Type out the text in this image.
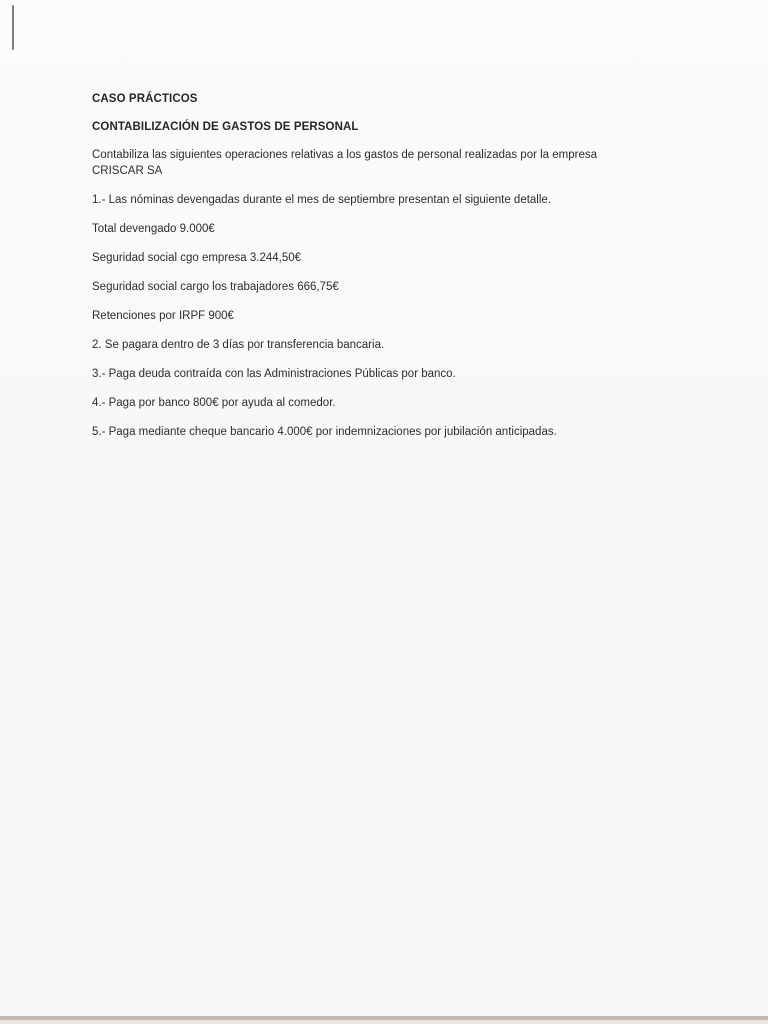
CASO PRÁCTICOS
CONTABILIZACIÓN DE GASTOS DE PERSONAL
Contabiliza las siguientes operaciones relativas a los gastos de personal realizadas por la empresa CRISCAR SA
1.- Las nóminas devengadas durante el mes de septiembre presentan el siguiente detalle.
Total devengado 9.000€
Seguridad social cgo empresa 3.244,50€
Seguridad social cargo los trabajadores 666,75€
Retenciones por IRPF 900€
2. Se pagara dentro de 3 días por transferencia bancaria.
3.- Paga deuda contraída con las Administraciones Públicas por banco.
4.- Paga por banco 800€ por ayuda al comedor.
5.- Paga mediante cheque bancario 4.000€ por indemnizaciones por jubilación anticipadas.
